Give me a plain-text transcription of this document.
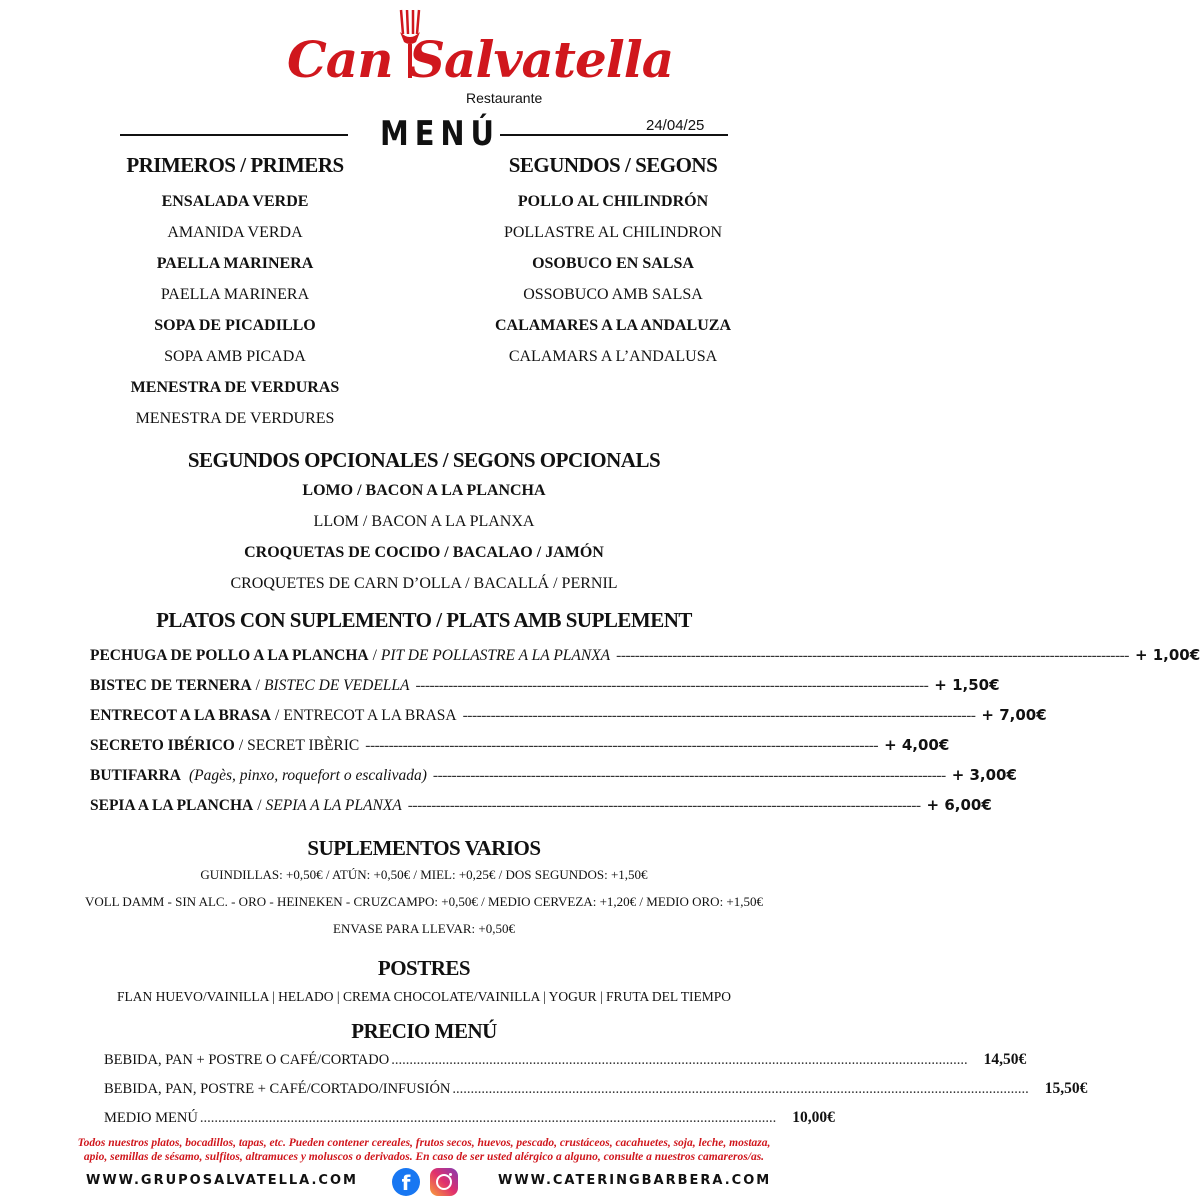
Can Salvatella
Restaurante
MENÚ	24/04/25
PRIMEROS / PRIMERS
ENSALADA VERDE
AMANIDA VERDA
PAELLA MARINERA
PAELLA MARINERA
SOPA DE PICADILLO
SOPA AMB PICADA
MENESTRA DE VERDURAS
MENESTRA DE VERDURES
SEGUNDOS / SEGONS
POLLO AL CHILINDRÓN
POLLASTRE AL CHILINDRON
OSOBUCO EN SALSA
OSSOBUCO AMB SALSA
CALAMARES A LA ANDALUZA
CALAMARS A L’ANDALUSA
SEGUNDOS OPCIONALES / SEGONS OPCIONALS
LOMO / BACON A LA PLANCHA
LLOM / BACON A LA PLANXA
CROQUETAS DE COCIDO / BACALAO / JAMÓN
CROQUETES DE CARN D’OLLA / BACALLÁ / PERNIL
PLATOS CON SUPLEMENTO / PLATS AMB SUPLEMENT
PECHUGA DE POLLO A LA PLANCHA / PIT DE POLLASTRE A LA PLANXA -------------------------------------------------------------------------------------------------------------- + 1,00€
BISTEC DE TERNERA / BISTEC DE VEDELLA -------------------------------------------------------------------------------------------------------------- + 1,50€
ENTRECOT A LA BRASA / ENTRECOT A LA BRASA -------------------------------------------------------------------------------------------------------------- + 7,00€
SECRETO IBÉRICO / SECRET IBÈRIC -------------------------------------------------------------------------------------------------------------- + 4,00€
BUTIFARRA (Pagès, pinxo, roquefort o escalivada) -------------------------------------------------------------------------------------------------------------- + 3,00€
SEPIA A LA PLANCHA / SEPIA A LA PLANXA -------------------------------------------------------------------------------------------------------------- + 6,00€
SUPLEMENTOS VARIOS
GUINDILLAS: +0,50€ / ATÚN: +0,50€ / MIEL: +0,25€ / DOS SEGUNDOS: +1,50€
VOLL DAMM - SIN ALC. - ORO - HEINEKEN - CRUZCAMPO: +0,50€ / MEDIO CERVEZA: +1,20€ / MEDIO ORO: +1,50€
ENVASE PARA LLEVAR: +0,50€
POSTRES
FLAN HUEVO/VAINILLA | HELADO | CREMA CHOCOLATE/VAINILLA | YOGUR | FRUTA DEL TIEMPO
PRECIO MENÚ
BEBIDA, PAN + POSTRE O CAFÉ/CORTADO ............................................................................................................................................................... 14,50€
BEBIDA, PAN, POSTRE + CAFÉ/CORTADO/INFUSIÓN ............................................................................................................................................................... 15,50€
MEDIO MENÚ ............................................................................................................................................................... 10,00€
Todos nuestros platos, bocadillos, tapas, etc. Pueden contener cereales, frutos secos, huevos, pescado, crustáceos, cacahuetes, soja, leche, mostaza,
apio, semillas de sésamo, sulfitos, altramuces y moluscos o derivados. En caso de ser usted alérgico a alguno, consulte a nuestros camareros/as.
WWW.GRUPOSALVATELLA.COM	f	WWW.CATERINGBARBERA.COM
